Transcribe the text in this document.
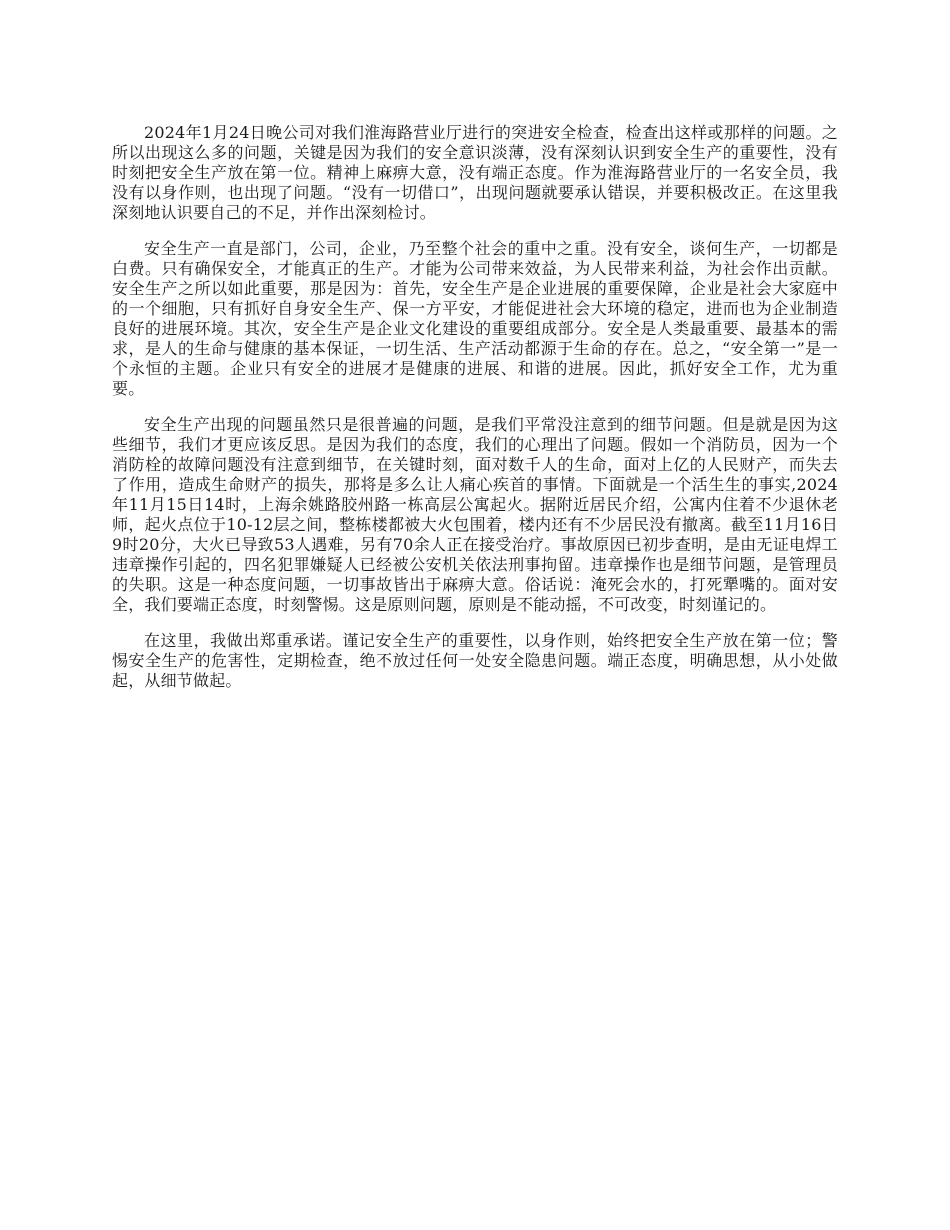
2024年1月24日晚公司对我们淮海路营业厅进行的突进安全检查，检查出这样或那样的问题。之所以出现这么多的问题，关键是因为我们的安全意识淡薄，没有深刻认识到安全生产的重要性，没有时刻把安全生产放在第一位。精神上麻痹大意，没有端正态度。作为淮海路营业厅的一名安全员，我没有以身作则，也出现了问题。“没有一切借口”，出现问题就要承认错误，并要积极改正。在这里我深刻地认识要自己的不足，并作出深刻检讨。

安全生产一直是部门，公司，企业，乃至整个社会的重中之重。没有安全，谈何生产，一切都是白费。只有确保安全，才能真正的生产。才能为公司带来效益，为人民带来利益，为社会作出贡献。安全生产之所以如此重要，那是因为：首先，安全生产是企业进展的重要保障，企业是社会大家庭中的一个细胞，只有抓好自身安全生产、保一方平安，才能促进社会大环境的稳定，进而也为企业制造良好的进展环境。其次，安全生产是企业文化建设的重要组成部分。安全是人类最重要、最基本的需求，是人的生命与健康的基本保证，一切生活、生产活动都源于生命的存在。总之，“安全第一”是一个永恒的主题。企业只有安全的进展才是健康的进展、和谐的进展。因此，抓好安全工作，尤为重要。

安全生产出现的问题虽然只是很普遍的问题，是我们平常没注意到的细节问题。但是就是因为这些细节，我们才更应该反思。是因为我们的态度，我们的心理出了问题。假如一个消防员，因为一个消防栓的故障问题没有注意到细节，在关键时刻，面对数千人的生命，面对上亿的人民财产，而失去了作用，造成生命财产的损失，那将是多么让人痛心疾首的事情。下面就是一个活生生的事实,2024年11月15日14时，上海余姚路胶州路一栋高层公寓起火。据附近居民介绍，公寓内住着不少退休老师，起火点位于10-12层之间，整栋楼都被大火包围着，楼内还有不少居民没有撤离。截至11月16日9时20分，大火已导致53人遇难，另有70余人正在接受治疗。事故原因已初步查明，是由无证电焊工违章操作引起的，四名犯罪嫌疑人已经被公安机关依法刑事拘留。违章操作也是细节问题，是管理员的失职。这是一种态度问题，一切事故皆出于麻痹大意。俗话说：淹死会水的，打死犟嘴的。面对安全，我们要端正态度，时刻警惕。这是原则问题，原则是不能动摇，不可改变，时刻谨记的。

在这里，我做出郑重承诺。谨记安全生产的重要性，以身作则，始终把安全生产放在第一位；警惕安全生产的危害性，定期检查，绝不放过任何一处安全隐患问题。端正态度，明确思想，从小处做起，从细节做起。
